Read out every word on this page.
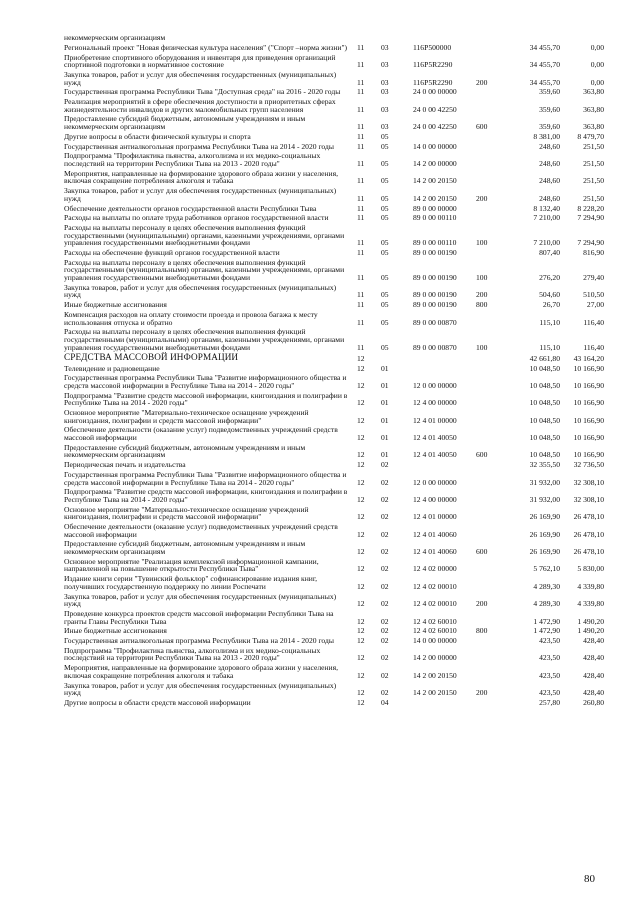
некоммерческим организациям
Региональный проект "Новая физическая культура населения" ("Спорт –норма жизни")	11	03	116P500000	34 455,70	0,00
Приобретение спортивного оборудования и инвентаря для приведения организаций спортивной подготовки в нормативное состояние	11	03	116P5R2290	34 455,70	0,00
Закупка товаров, работ и услуг для обеспечения государственных (муниципальных) нужд	11	03	116P5R2290	200	34 455,70	0,00
Государственная программа Республики Тыва "Доступная среда" на 2016 - 2020 годы	11	03	24 0 00 00000	359,60	363,80
Реализация мероприятий в сфере обеспечения доступности в приоритетных сферах жизнедеятельности инвалидов и других маломобильных групп населения	11	03	24 0 00 42250	359,60	363,80
Предоставление субсидий бюджетным, автономным учреждениям и иным некоммерческим организациям	11	03	24 0 00 42250	600	359,60	363,80
Другие вопросы в области физической культуры и спорта	11	05	8 381,00	8 479,70
Государственная антиалкогольная программа Республики Тыва на 2014 - 2020 годы	11	05	14 0 00 00000	248,60	251,50
Подпрограмма "Профилактика пьянства, алкоголизма и их медико-социальных последствий на территории Республики Тыва на 2013 - 2020 годы"	11	05	14 2 00 00000	248,60	251,50
Мероприятия, направленные на формирование здорового образа жизни у населения, включая сокращение потребления алкоголя и табака	11	05	14 2 00 20150	248,60	251,50
Закупка товаров, работ и услуг для обеспечения государственных (муниципальных) нужд	11	05	14 2 00 20150	200	248,60	251,50
Обеспечение деятельности органов государственной власти Республики Тыва	11	05	89 0 00 00000	8 132,40	8 228,20
Расходы на выплаты по оплате труда работников органов государственной власти	11	05	89 0 00 00110	7 210,00	7 294,90
Расходы на выплаты персоналу в целях обеспечения выполнения функций государственными (муниципальными) органами, казенными учреждениями, органами управления государственными внебюджетными фондами	11	05	89 0 00 00110	100	7 210,00	7 294,90
Расходы на обеспечение функций органов государственной власти	11	05	89 0 00 00190	807,40	816,90
Расходы на выплаты персоналу в целях обеспечения выполнения функций государственными (муниципальными) органами, казенными учреждениями, органами управления государственными внебюджетными фондами	11	05	89 0 00 00190	100	276,20	279,40
Закупка товаров, работ и услуг для обеспечения государственных (муниципальных) нужд	11	05	89 0 00 00190	200	504,60	510,50
Иные бюджетные ассигнования	11	05	89 0 00 00190	800	26,70	27,00
Компенсация расходов на оплату стоимости проезда и провоза багажа к месту использования отпуска и обратно	11	05	89 0 00 00870	115,10	116,40
Расходы на выплаты персоналу в целях обеспечения выполнения функций государственными (муниципальными) органами, казенными учреждениями, органами управления государственными внебюджетными фондами	11	05	89 0 00 00870	100	115,10	116,40
СРЕДСТВА МАССОВОЙ ИНФОРМАЦИИ	12	42 661,80	43 164,20
Телевидение и радиовещание	12	01	10 048,50	10 166,90
Государственная программа Республики Тыва "Развитие информационного общества и средств массовой информации в Республике Тыва на 2014 - 2020 годы"	12	01	12 0 00 00000	10 048,50	10 166,90
Подпрограмма "Развитие средств массовой информации, книгоиздания и полиграфии в Республике Тыва на 2014 - 2020 годы"	12	01	12 4 00 00000	10 048,50	10 166,90
Основное мероприятие "Материально-техническое оснащение учреждений книгоиздания, полиграфии и средств массовой информации"	12	01	12 4 01 00000	10 048,50	10 166,90
Обеспечение деятельности (оказание услуг) подведомственных учреждений средств массовой информации	12	01	12 4 01 40050	10 048,50	10 166,90
Предоставление субсидий бюджетным, автономным учреждениям и иным некоммерческим организациям	12	01	12 4 01 40050	600	10 048,50	10 166,90
Периодическая печать и издательства	12	02	32 355,50	32 736,50
Государственная программа Республики Тыва "Развитие информационного общества и средств массовой информации в Республике Тыва на 2014 - 2020 годы"	12	02	12 0 00 00000	31 932,00	32 308,10
Подпрограмма "Развитие средств массовой информации, книгоиздания и полиграфии в Республике Тыва на 2014 - 2020 годы"	12	02	12 4 00 00000	31 932,00	32 308,10
Основное мероприятие "Материально-техническое оснащение учреждений книгоиздания, полиграфии и средств массовой информации"	12	02	12 4 01 00000	26 169,90	26 478,10
Обеспечение деятельности (оказание услуг) подведомственных учреждений средств массовой информации	12	02	12 4 01 40060	26 169,90	26 478,10
Предоставление субсидий бюджетным, автономным учреждениям и иным некоммерческим организациям	12	02	12 4 01 40060	600	26 169,90	26 478,10
Основное мероприятие "Реализация комплексной информационной кампании, направленной на повышение открытости Республики Тыва"	12	02	12 4 02 00000	5 762,10	5 830,00
Издание книги серии "Тувинский фольклор" софинансирование издания книг, получивших государственную поддержку по линии Роспечати	12	02	12 4 02 00010	4 289,30	4 339,80
Закупка товаров, работ и услуг для обеспечения государственных (муниципальных) нужд	12	02	12 4 02 00010	200	4 289,30	4 339,80
Проведение конкурса проектов средств массовой информации Республики Тыва на гранты Главы Республики Тыва	12	02	12 4 02 60010	1 472,90	1 490,20
Иные бюджетные ассигнования	12	02	12 4 02 60010	800	1 472,90	1 490,20
Государственная антиалкогольная программа Республики Тыва на 2014 - 2020 годы	12	02	14 0 00 00000	423,50	428,40
Подпрограмма "Профилактика пьянства, алкоголизма и их медико-социальных последствий на территории Республики Тыва на 2013 - 2020 годы"	12	02	14 2 00 00000	423,50	428,40
Мероприятия, направленные на формирование здорового образа жизни у населения, включая сокращение потребления алкоголя и табака	12	02	14 2 00 20150	423,50	428,40
Закупка товаров, работ и услуг для обеспечения государственных (муниципальных) нужд	12	02	14 2 00 20150	200	423,50	428,40
Другие вопросы в области средств массовой информации	12	04	257,80	260,80
80
